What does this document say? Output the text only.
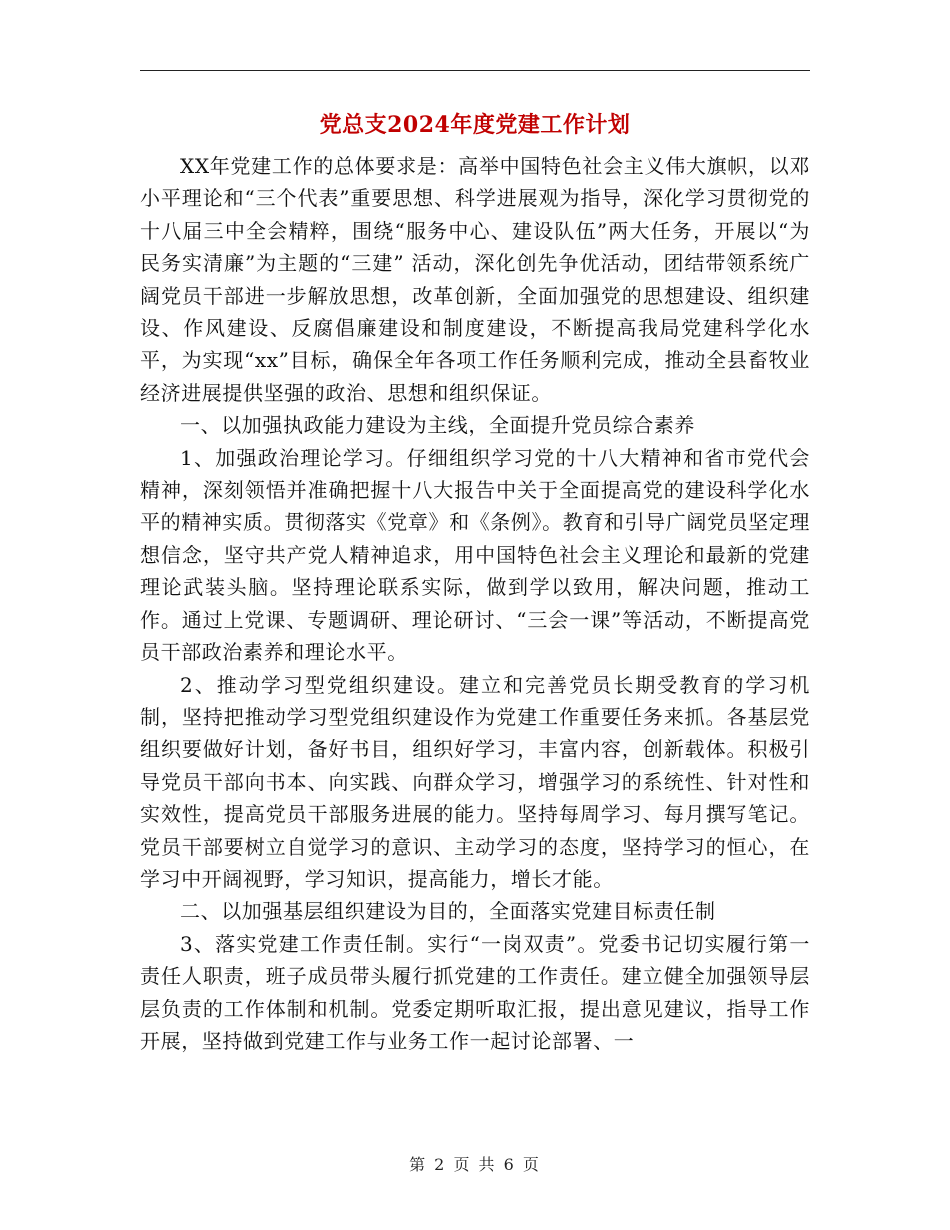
党总支2024年度党建工作计划

XX年党建工作的总体要求是：高举中国特色社会主义伟大旗帜，以邓小平理论和“三个代表”重要思想、科学进展观为指导，深化学习贯彻党的十八届三中全会精粹，围绕“服务中心、建设队伍”两大任务，开展以“为民务实清廉”为主题的“三建” 活动，深化创先争优活动，团结带领系统广阔党员干部进一步解放思想，改革创新，全面加强党的思想建设、组织建设、作风建设、反腐倡廉建设和制度建设，不断提高我局党建科学化水平，为实现“xx”目标，确保全年各项工作任务顺利完成，推动全县畜牧业经济进展提供坚强的政治、思想和组织保证。

一、以加强执政能力建设为主线，全面提升党员综合素养

1、加强政治理论学习。仔细组织学习党的十八大精神和省市党代会精神，深刻领悟并准确把握十八大报告中关于全面提高党的建设科学化水平的精神实质。贯彻落实《党章》和《条例》。教育和引导广阔党员坚定理想信念，坚守共产党人精神追求，用中国特色社会主义理论和最新的党建理论武装头脑。坚持理论联系实际，做到学以致用，解决问题，推动工作。通过上党课、专题调研、理论研讨、“三会一课”等活动，不断提高党员干部政治素养和理论水平。

2、推动学习型党组织建设。建立和完善党员长期受教育的学习机制，坚持把推动学习型党组织建设作为党建工作重要任务来抓。各基层党组织要做好计划，备好书目，组织好学习，丰富内容，创新载体。积极引导党员干部向书本、向实践、向群众学习，增强学习的系统性、针对性和实效性，提高党员干部服务进展的能力。坚持每周学习、每月撰写笔记。党员干部要树立自觉学习的意识、主动学习的态度，坚持学习的恒心，在学习中开阔视野，学习知识，提高能力，增长才能。

二、以加强基层组织建设为目的，全面落实党建目标责任制

3、落实党建工作责任制。实行“一岗双责”。党委书记切实履行第一责任人职责，班子成员带头履行抓党建的工作责任。建立健全加强领导层层负责的工作体制和机制。党委定期听取汇报，提出意见建议，指导工作开展，坚持做到党建工作与业务工作一起讨论部署、一

第 2 页 共 6 页
